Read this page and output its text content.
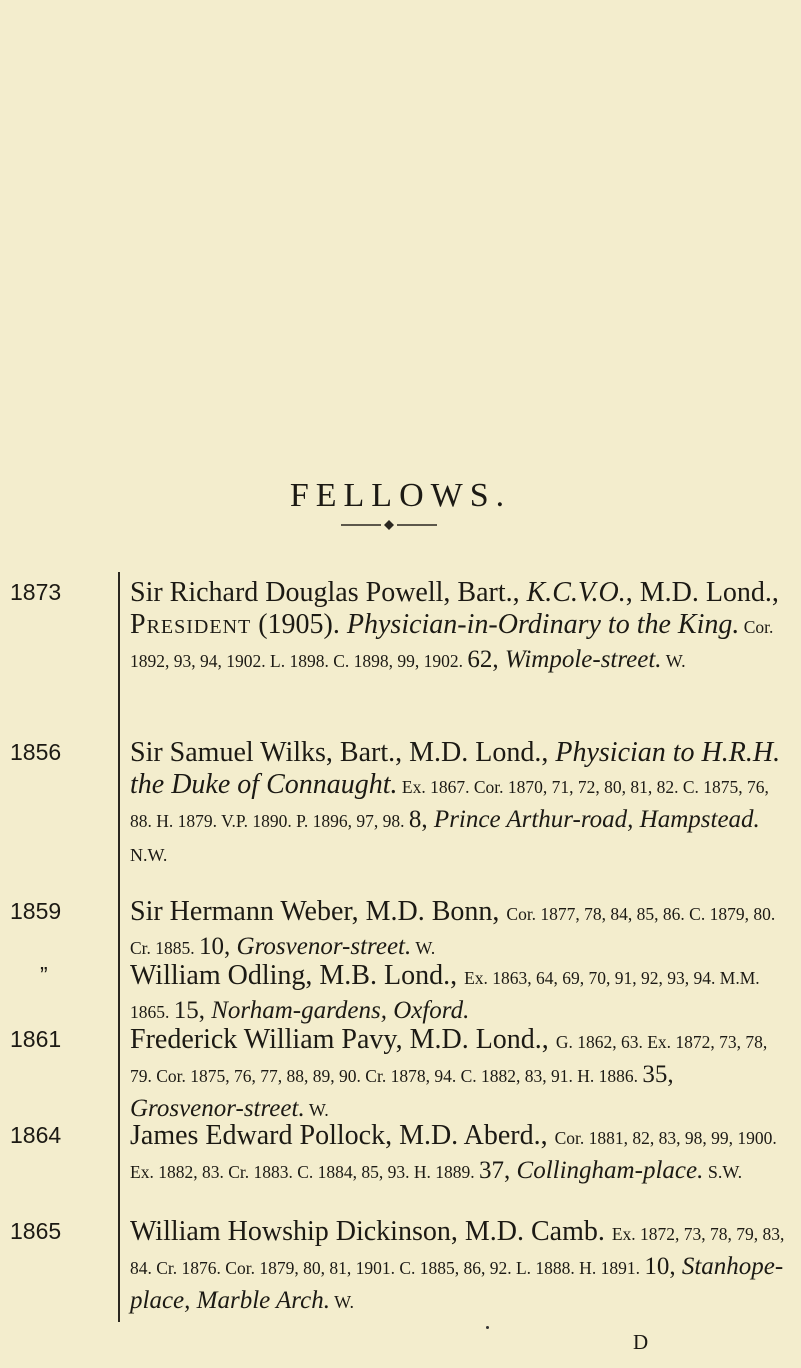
FELLOWS.
1873 Sir Richard Douglas Powell, Bart., K.C.V.O., M.D. Lond., President (1905). Physician-in-Ordinary to the King. Cor. 1892, 93, 94, 1902. L. 1898. C. 1898, 99, 1902. 62, Wimpole-street. W.
1856 Sir Samuel Wilks, Bart., M.D. Lond., Physician to H.R.H. the Duke of Connaught. Ex. 1867. Cor. 1870, 71, 72, 80, 81, 82. C. 1875, 76, 88. H. 1879. V.P. 1890. P. 1896, 97, 98. 8, Prince Arthur-road, Hampstead. N.W.
1859 Sir Hermann Weber, M.D. Bonn, Cor. 1877, 78, 84, 85, 86. C. 1879, 80. Cr. 1885. 10, Grosvenor-street. W.
”	William Odling, M.B. Lond., Ex. 1863, 64, 69, 70, 91, 92, 93, 94. M.M. 1865. 15, Norham-gardens, Oxford.
1861 Frederick William Pavy, M.D. Lond., G. 1862, 63. Ex. 1872, 73, 78, 79. Cor. 1875, 76, 77, 88, 89, 90. Cr. 1878, 94. C. 1882, 83, 91. H. 1886. 35, Grosvenor-street. W.
1864 James Edward Pollock, M.D. Aberd., Cor. 1881, 82, 83, 98, 99, 1900. Ex. 1882, 83. Cr. 1883. C. 1884, 85, 93. H. 1889. 37, Collingham-place. S.W.
1865 William Howship Dickinson, M.D. Camb. Ex. 1872, 73, 78, 79, 83, 84. Cr. 1876. Cor. 1879, 80, 81, 1901. C. 1885, 86, 92. L. 1888. H. 1891. 10, Stanhope-place, Marble Arch. W.
D
